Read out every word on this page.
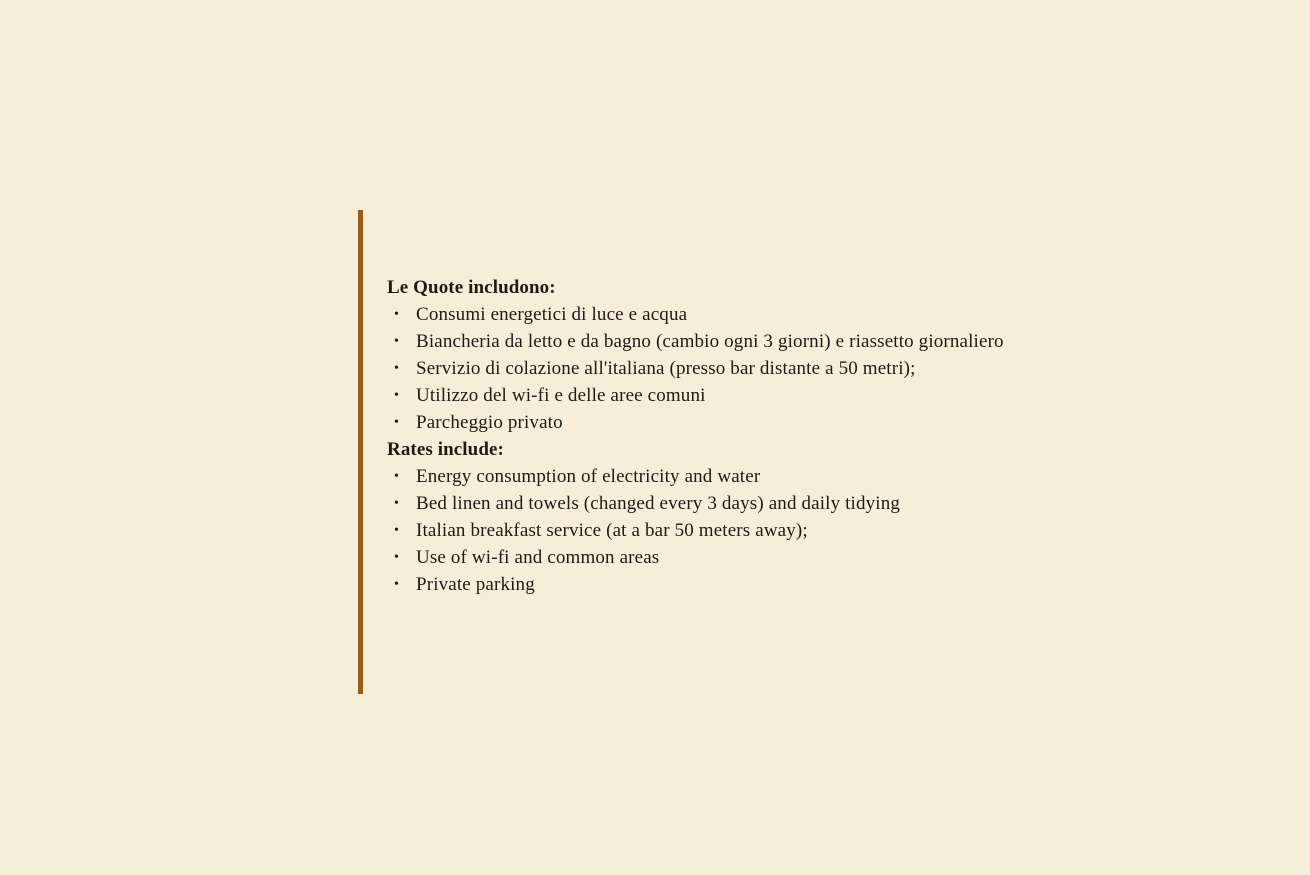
Le Quote includono:
• Consumi energetici di luce e acqua
• Biancheria da letto e da bagno (cambio ogni 3 giorni) e riassetto giornaliero
• Servizio di colazione all'italiana (presso bar distante a 50 metri);
• Utilizzo del wi-fi e delle aree comuni
• Parcheggio privato
Rates include:
• Energy consumption of electricity and water
• Bed linen and towels (changed every 3 days) and daily tidying
• Italian breakfast service (at a bar 50 meters away);
• Use of wi-fi and common areas
• Private parking
